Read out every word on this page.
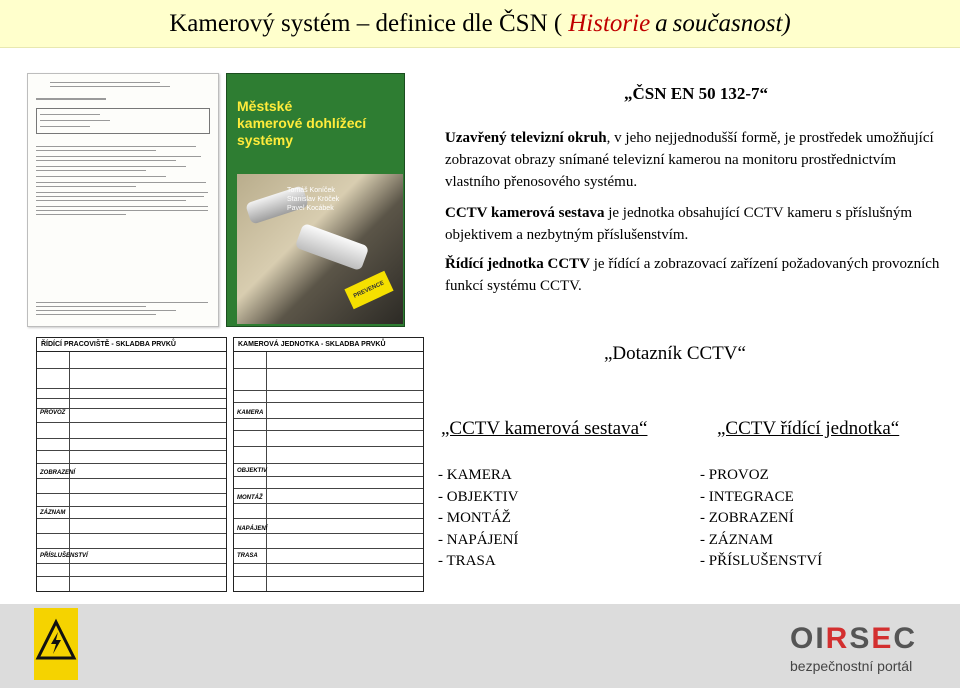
Kamerový systém – definice dle ČSN ( Historie a současnost)
Městské
kamerové dohlížecí
systémy
Tomáš Koníček
Stanislav Kröček
Pavel Kocábek
PREVENCE
ŘÍDÍCÍ PRACOVIŠTĚ - SKLADBA PRVKŮ
PROVOZ
ZOBRAZENÍ
ZÁZNAM
PŘÍSLUŠENSTVÍ
KAMEROVÁ JEDNOTKA - SKLADBA PRVKŮ
KAMERA
OBJEKTIV
MONTÁŽ
NAPÁJENÍ
TRASA
„ČSN EN 50 132-7“

Uzavřený televizní okruh, v jeho nejjednodušší formě, je prostředek umožňující zobrazovat obrazy snímané televizní kamerou na monitoru prostřednictvím vlastního přenosového systému.

CCTV kamerová sestava je jednotka obsahující CCTV kameru s příslušným objektivem a nezbytným příslušenstvím.

Řídící jednotka CCTV je řídící a zobrazovací zařízení požadovaných provozních funkcí systému CCTV.

„Dotazník CCTV“
„CCTV kamerová sestava“	„CCTV řídící jednotka“
- KAMERA
- OBJEKTIV
- MONTÁŽ
- NAPÁJENÍ
- TRASA
- PROVOZ
- INTEGRACE
- ZOBRAZENÍ
- ZÁZNAM
- PŘÍSLUŠENSTVÍ
OIRSEC
bezpečnostní portál
